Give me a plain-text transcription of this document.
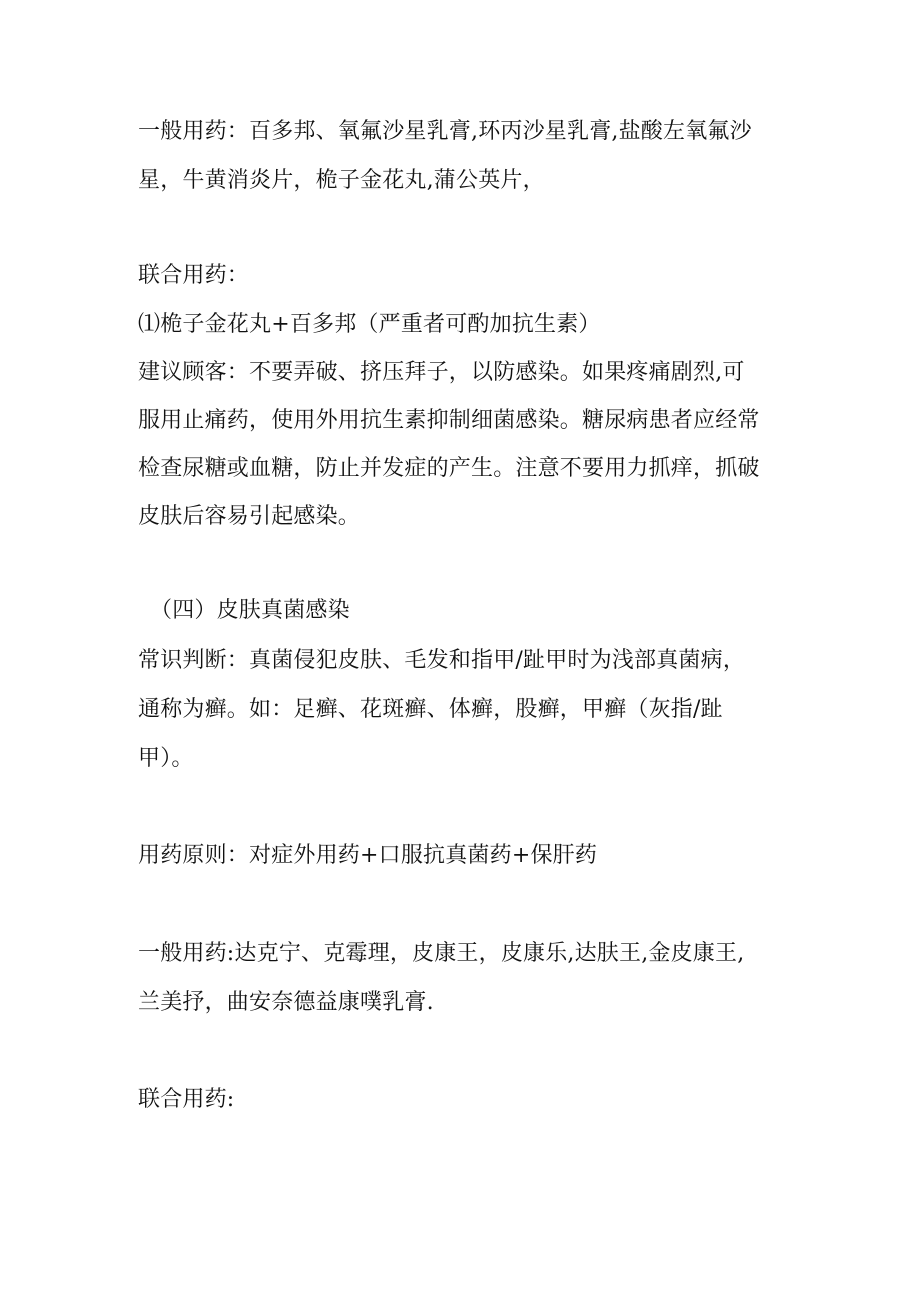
一般用药：百多邦、氧氟沙星乳膏,环丙沙星乳膏,盐酸左氧氟沙
星，牛黄消炎片，桅子金花丸,蒲公英片，
联合用药：
⑴桅子金花丸+百多邦（严重者可酌加抗生素）
建议顾客：不要弄破、挤压拜子，以防感染。如果疼痛剧烈,可
服用止痛药，使用外用抗生素抑制细菌感染。糖尿病患者应经常
检查尿糖或血糖，防止并发症的产生。注意不要用力抓痒，抓破
皮肤后容易引起感染。
（四）皮肤真菌感染
常识判断：真菌侵犯皮肤、毛发和指甲/趾甲时为浅部真菌病，
通称为癣。如：足癣、花斑癣、体癣，股癣，甲癣（灰指/趾
甲）。
用药原则：对症外用药+口服抗真菌药+保肝药
一般用药:达克宁、克霉理，皮康王，皮康乐,达肤王,金皮康王,
兰美抒，曲安奈德益康噗乳膏.
联合用药:
